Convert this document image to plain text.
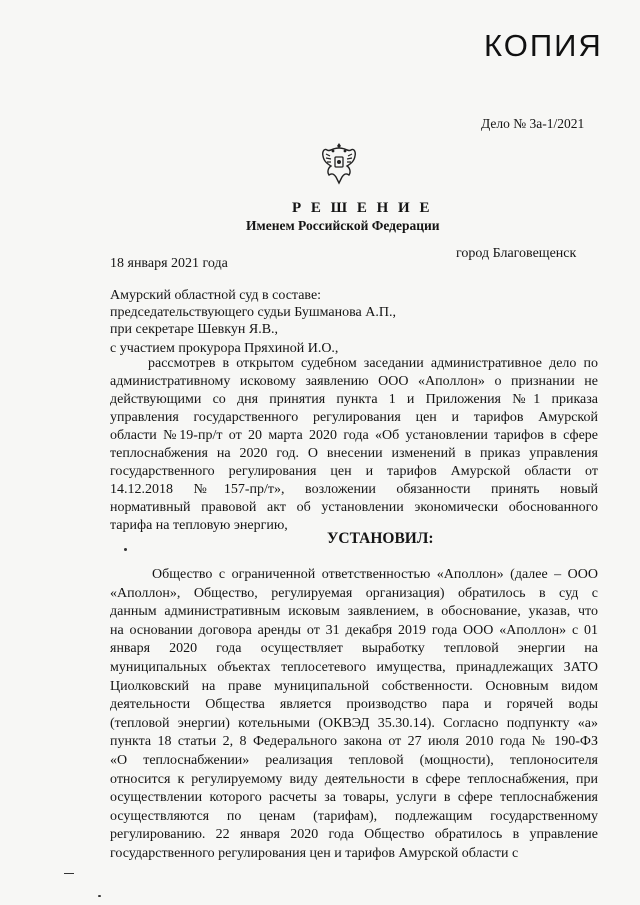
КОПИЯ
Дело № 3а-1/2021
Р Е Ш Е Н И Е
Именем Российской Федерации
18 января 2021 года
город Благовещенск
Амурский областной суд в составе:
председательствующего судьи Бушманова А.П.,
при секретаре Шевкун Я.В.,
с участием прокурора Пряхиной И.О.,
рассмотрев в открытом судебном заседании административное дело по
административному исковому заявлению ООО «Аполлон» о признании не
действующими со дня принятия пункта 1 и Приложения №1 приказа
управления государственного регулирования цен и тарифов Амурской
области №19-пр/т от 20 марта 2020 года «Об установлении тарифов в сфере
теплоснабжения на 2020 год. О внесении изменений в приказ управления
государственного регулирования цен и тарифов Амурской области от
14.12.2018 №157-пр/т», возложении обязанности принять новый
нормативный правовой акт об установлении экономически обоснованного
тарифа на тепловую энергию,
УСТАНОВИЛ:
Общество с ограниченной ответственностью «Аполлон» (далее – ООО
«Аполлон», Общество, регулируемая организация) обратилось в суд с
данным административным исковым заявлением, в обоснование, указав, что
на основании договора аренды от 31 декабря 2019 года ООО «Аполлон» с 01
января 2020 года осуществляет выработку тепловой энергии на
муниципальных объектах теплосетевого имущества, принадлежащих ЗАТО
Циолковский на праве муниципальной собственности. Основным видом
деятельности Общества является производство пара и горячей воды
(тепловой энергии) котельными (ОКВЭД 35.30.14). Согласно подпункту «а»
пункта 18 статьи 2, 8 Федерального закона от 27 июля 2010 года № 190-ФЗ
«О теплоснабжении» реализация тепловой (мощности), теплоносителя
относится к регулируемому виду деятельности в сфере теплоснабжения, при
осуществлении которого расчеты за товары, услуги в сфере теплоснабжения
осуществляются по ценам (тарифам), подлежащим государственному
регулированию. 22 января 2020 года Общество обратилось в управление
государственного регулирования цен и тарифов Амурской области с
